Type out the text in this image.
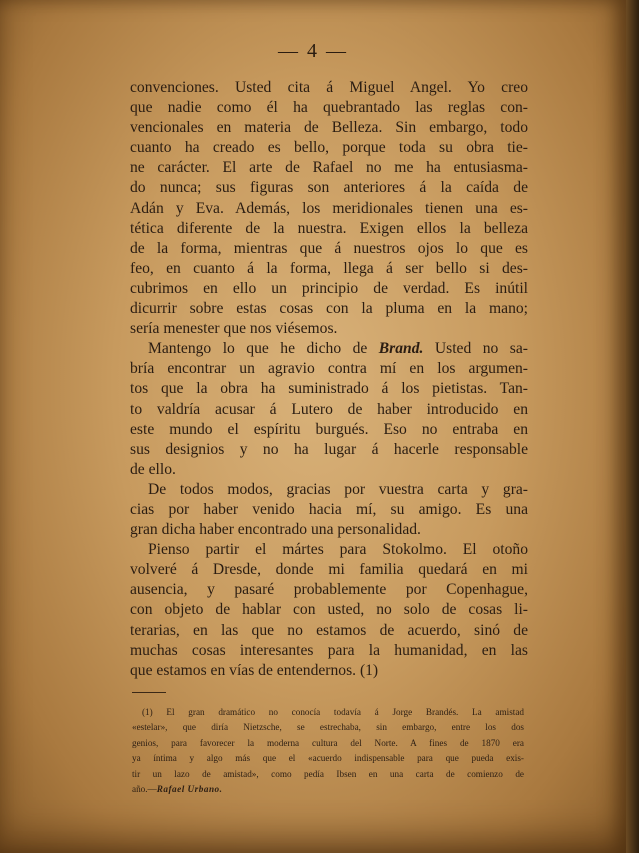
— 4 —
convenciones. Usted cita á Miguel Angel. Yo creo
que nadie como él ha quebrantado las reglas con-
vencionales en materia de Belleza. Sin embargo, todo
cuanto ha creado es bello, porque toda su obra tie-
ne carácter. El arte de Rafael no me ha entusiasma-
do nunca; sus figuras son anteriores á la caída de
Adán y Eva. Además, los meridionales tienen una es-
tética diferente de la nuestra. Exigen ellos la belleza
de la forma, mientras que á nuestros ojos lo que es
feo, en cuanto á la forma, llega á ser bello si des-
cubrimos en ello un principio de verdad. Es inútil
dicurrir sobre estas cosas con la pluma en la mano;
sería menester que nos viésemos.
Mantengo lo que he dicho de Brand. Usted no sa-
bría encontrar un agravio contra mí en los argumen-
tos que la obra ha suministrado á los pietistas. Tan-
to valdría acusar á Lutero de haber introducido en
este mundo el espíritu burgués. Eso no entraba en
sus designios y no ha lugar á hacerle responsable
de ello.
De todos modos, gracias por vuestra carta y gra-
cias por haber venido hacia mí, su amigo. Es una
gran dicha haber encontrado una personalidad.
Pienso partir el mártes para Stokolmo. El otoño
volveré á Dresde, donde mi familia quedará en mi
ausencia, y pasaré probablemente por Copenhague,
con objeto de hablar con usted, no solo de cosas li-
terarias, en las que no estamos de acuerdo, sinó de
muchas cosas interesantes para la humanidad, en las
que estamos en vías de entendernos. (1)
(1) El gran dramático no conocía todavía á Jorge Brandés. La amistad
«estelar», que diría Nietzsche, se estrechaba, sin embargo, entre los dos
genios, para favorecer la moderna cultura del Norte. A fines de 1870 era
ya íntima y algo más que el «acuerdo indispensable para que pueda exis-
tir un lazo de amistad», como pedía Ibsen en una carta de comienzo de
año.—Rafael Urbano.
